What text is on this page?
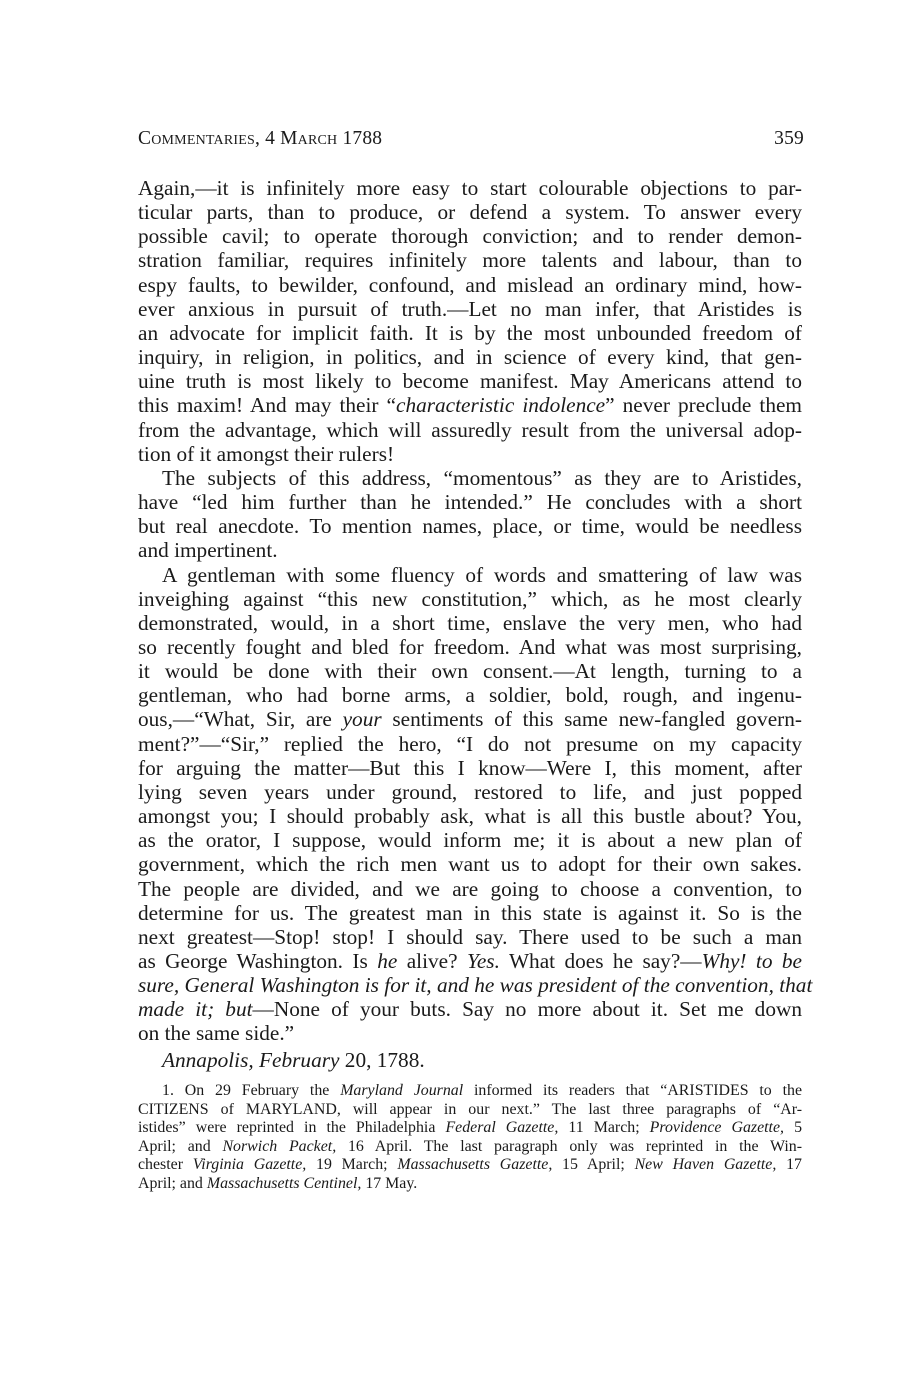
Commentaries, 4 March 1788	359
Again,—it is infinitely more easy to start colourable objections to par-
ticular parts, than to produce, or defend a system. To answer every
possible cavil; to operate thorough conviction; and to render demon-
stration familiar, requires infinitely more talents and labour, than to
espy faults, to bewilder, confound, and mislead an ordinary mind, how-
ever anxious in pursuit of truth.—Let no man infer, that Aristides is
an advocate for implicit faith. It is by the most unbounded freedom of
inquiry, in religion, in politics, and in science of every kind, that gen-
uine truth is most likely to become manifest. May Americans attend to
this maxim! And may their “characteristic indolence” never preclude them
from the advantage, which will assuredly result from the universal adop-
tion of it amongst their rulers!
The subjects of this address, “momentous” as they are to Aristides,
have “led him further than he intended.” He concludes with a short
but real anecdote. To mention names, place, or time, would be needless
and impertinent.
A gentleman with some fluency of words and smattering of law was
inveighing against “this new constitution,” which, as he most clearly
demonstrated, would, in a short time, enslave the very men, who had
so recently fought and bled for freedom. And what was most surprising,
it would be done with their own consent.—At length, turning to a
gentleman, who had borne arms, a soldier, bold, rough, and ingenu-
ous,—“What, Sir, are your sentiments of this same new-fangled govern-
ment?”—“Sir,” replied the hero, “I do not presume on my capacity
for arguing the matter—But this I know—Were I, this moment, after
lying seven years under ground, restored to life, and just popped
amongst you; I should probably ask, what is all this bustle about? You,
as the orator, I suppose, would inform me; it is about a new plan of
government, which the rich men want us to adopt for their own sakes.
The people are divided, and we are going to choose a convention, to
determine for us. The greatest man in this state is against it. So is the
next greatest—Stop! stop! I should say. There used to be such a man
as George Washington. Is he alive? Yes. What does he say?—Why! to be
sure, General Washington is for it, and he was president of the convention, that
made it; but—None of your buts. Say no more about it. Set me down
on the same side.”
Annapolis, February 20, 1788.
1. On 29 February the Maryland Journal informed its readers that “ARISTIDES to the
CITIZENS of MARYLAND, will appear in our next.” The last three paragraphs of “Ar-
istides” were reprinted in the Philadelphia Federal Gazette, 11 March; Providence Gazette, 5
April; and Norwich Packet, 16 April. The last paragraph only was reprinted in the Win-
chester Virginia Gazette, 19 March; Massachusetts Gazette, 15 April; New Haven Gazette, 17
April; and Massachusetts Centinel, 17 May.
